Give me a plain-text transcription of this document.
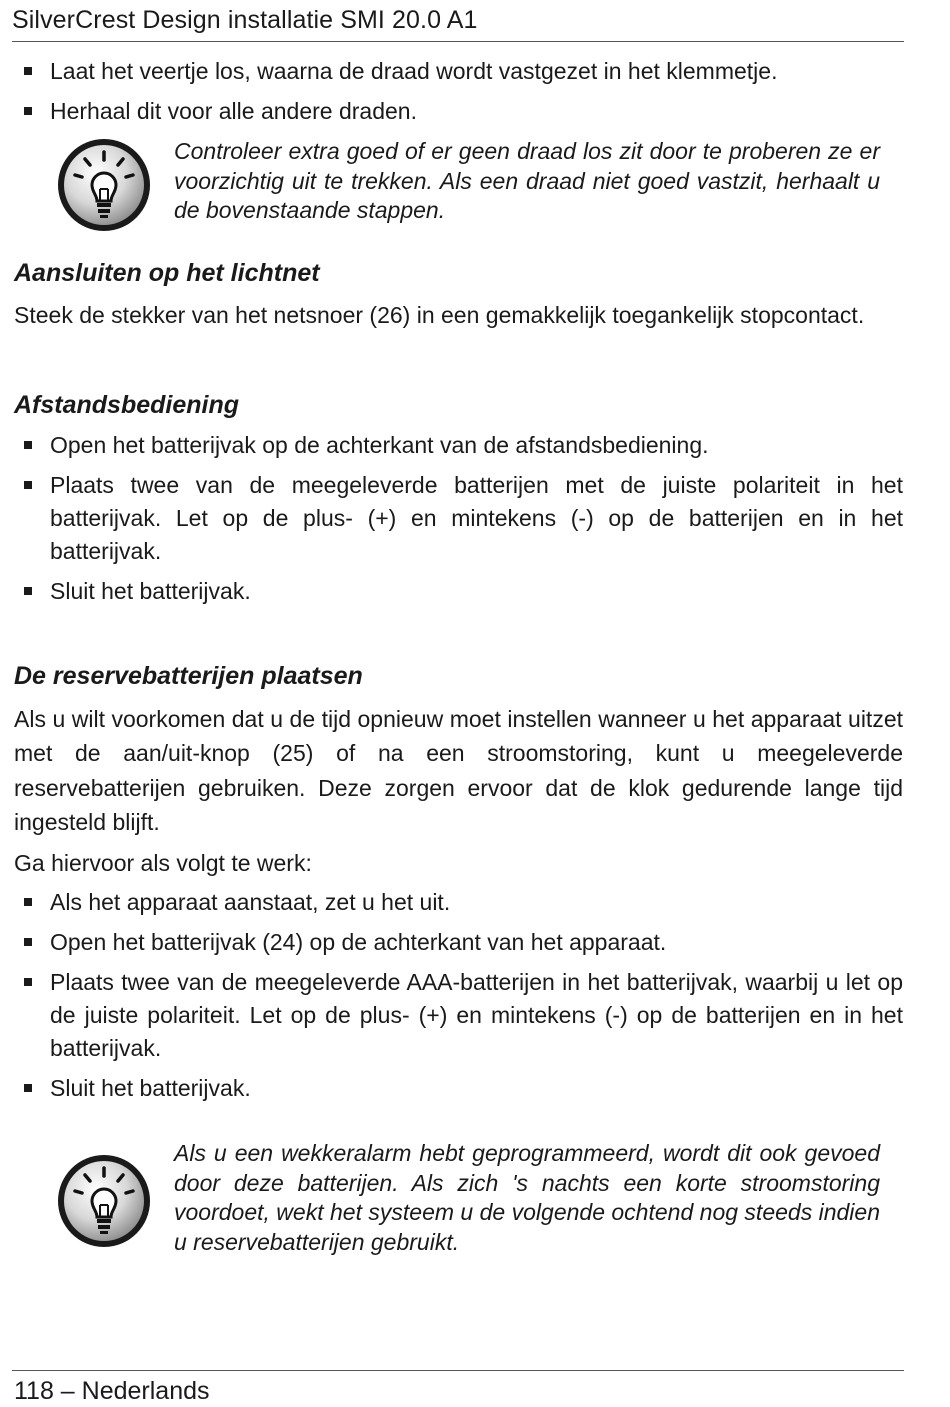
SilverCrest Design installatie SMI 20.0 A1
Laat het veertje los, waarna de draad wordt vastgezet in het klemmetje.
Herhaal dit voor alle andere draden.
Controleer extra goed of er geen draad los zit door te proberen ze er voorzichtig uit te trekken. Als een draad niet goed vastzit, herhaalt u de bovenstaande stappen.
Aansluiten op het lichtnet

Steek de stekker van het netsnoer (26) in een gemakkelijk toegankelijk stopcontact.

Afstandsbediening
Open het batterijvak op de achterkant van de afstandsbediening.
Plaats twee van de meegeleverde batterijen met de juiste polariteit in het batterijvak. Let op de plus- (+) en mintekens (-) op de batterijen en in het batterijvak.
Sluit het batterijvak.
De reservebatterijen plaatsen

Als u wilt voorkomen dat u de tijd opnieuw moet instellen wanneer u het apparaat uitzet met de aan/uit-knop (25) of na een stroomstoring, kunt u meegeleverde reservebatterijen gebruiken. Deze zorgen ervoor dat de klok gedurende lange tijd ingesteld blijft.

Ga hiervoor als volgt te werk:

Als het apparaat aanstaat, zet u het uit.
Open het batterijvak (24) op de achterkant van het apparaat.
Plaats twee van de meegeleverde AAA-batterijen in het batterijvak, waarbij u let op de juiste polariteit. Let op de plus- (+) en mintekens (-) op de batterijen en in het batterijvak.
Sluit het batterijvak.
Als u een wekkeralarm hebt geprogrammeerd, wordt dit ook gevoed door deze batterijen. Als zich 's nachts een korte stroomstoring voordoet, wekt het systeem u de volgende ochtend nog steeds indien u reservebatterijen gebruikt.
118 – Nederlands
